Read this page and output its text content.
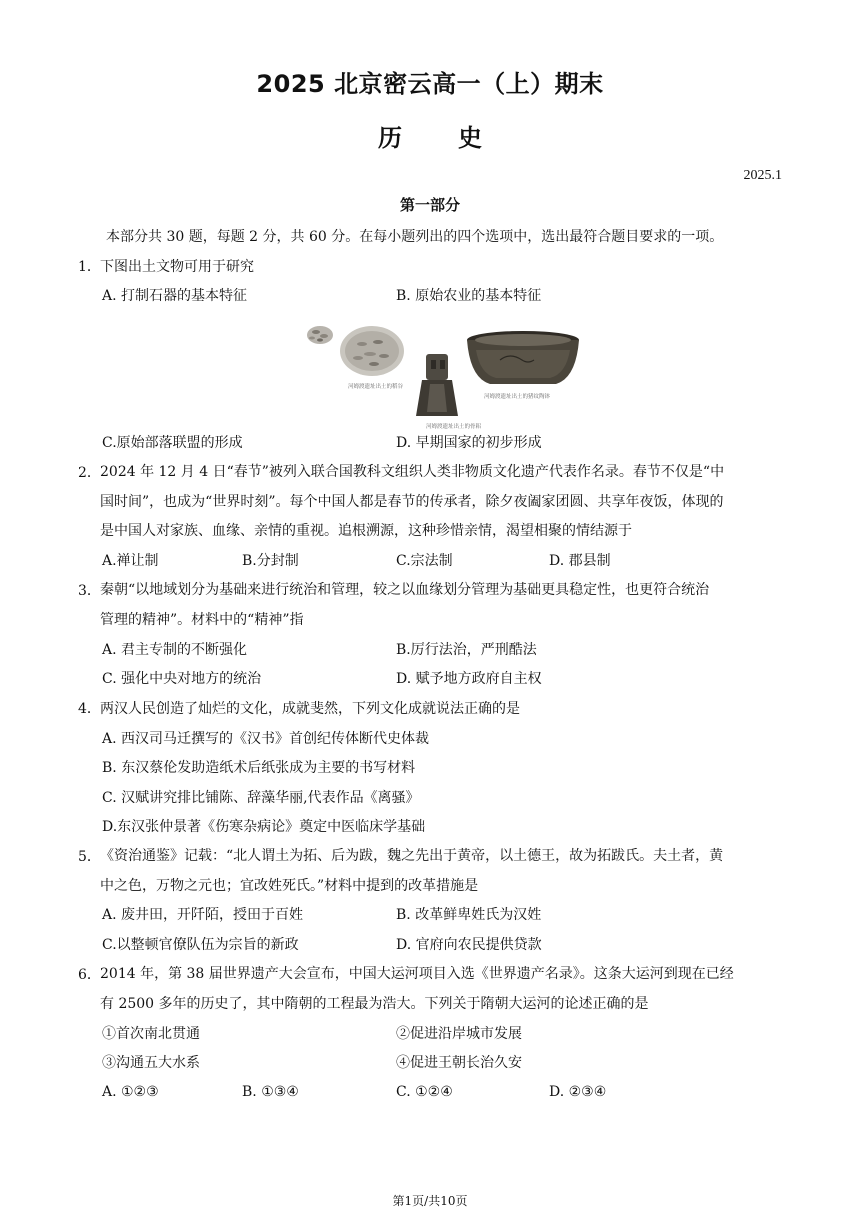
2025 北京密云高一（上）期末
历史
2025.1
第一部分
本部分共 30 题，每题 2 分，共 60 分。在每小题列出的四个选项中，选出最符合题目要求的一项。
1． 下图出土文物可用于研究
A. 打制石器的基本特征	B. 原始农业的基本特征
河姆渡遗址出土的稻谷
河姆渡遗址出土的骨耜
河姆渡遗址出土的猪纹陶钵
C.原始部落联盟的形成	D. 早期国家的初步形成
2． 2024 年 12 月 4 日“春节”被列入联合国教科文组织人类非物质文化遗产代表作名录。春节不仅是“中
国时间”，也成为“世界时刻”。每个中国人都是春节的传承者，除夕夜阖家团圆、共享年夜饭，体现的
是中国人对家族、血缘、亲情的重视。追根溯源，这种珍惜亲情，渴望相聚的情结源于
A.禅让制	B.分封制	C.宗法制	D. 郡县制
3． 秦朝“以地域划分为基础来进行统治和管理，较之以血缘划分管理为基础更具稳定性，也更符合统治
管理的精神”。材料中的“精神”指
A. 君主专制的不断强化	B.厉行法治，严刑酷法
C. 强化中央对地方的统治	D. 赋予地方政府自主权
4． 两汉人民创造了灿烂的文化，成就斐然，下列文化成就说法正确的是
A. 西汉司马迁撰写的《汉书》首创纪传体断代史体裁
B. 东汉蔡伦发助造纸术后纸张成为主要的书写材料
C. 汉赋讲究排比铺陈、辞藻华丽,代表作品《离骚》
D.东汉张仲景著《伤寒杂病论》奠定中医临床学基础
5． 《资治通鉴》记载：“北人谓土为拓、后为跋，魏之先出于黄帝，以土德王，故为拓跋氏。夫土者，黄
中之色，万物之元也；宜改姓死氏。”材料中提到的改革措施是
A. 废井田，开阡陌，授田于百姓	B. 改革鲜卑姓氏为汉姓
C.以整顿官僚队伍为宗旨的新政	D. 官府向农民提供贷款
6． 2014 年，第 38 届世界遗产大会宣布，中国大运河项目入选《世界遗产名录》。这条大运河到现在已经
有 2500 多年的历史了，其中隋朝的工程最为浩大。下列关于隋朝大运河的论述正确的是
①首次南北贯通	②促进沿岸城市发展
③沟通五大水系	④促进王朝长治久安
A. ①②③	B. ①③④	C. ①②④	D. ②③④
第1页/共10页
